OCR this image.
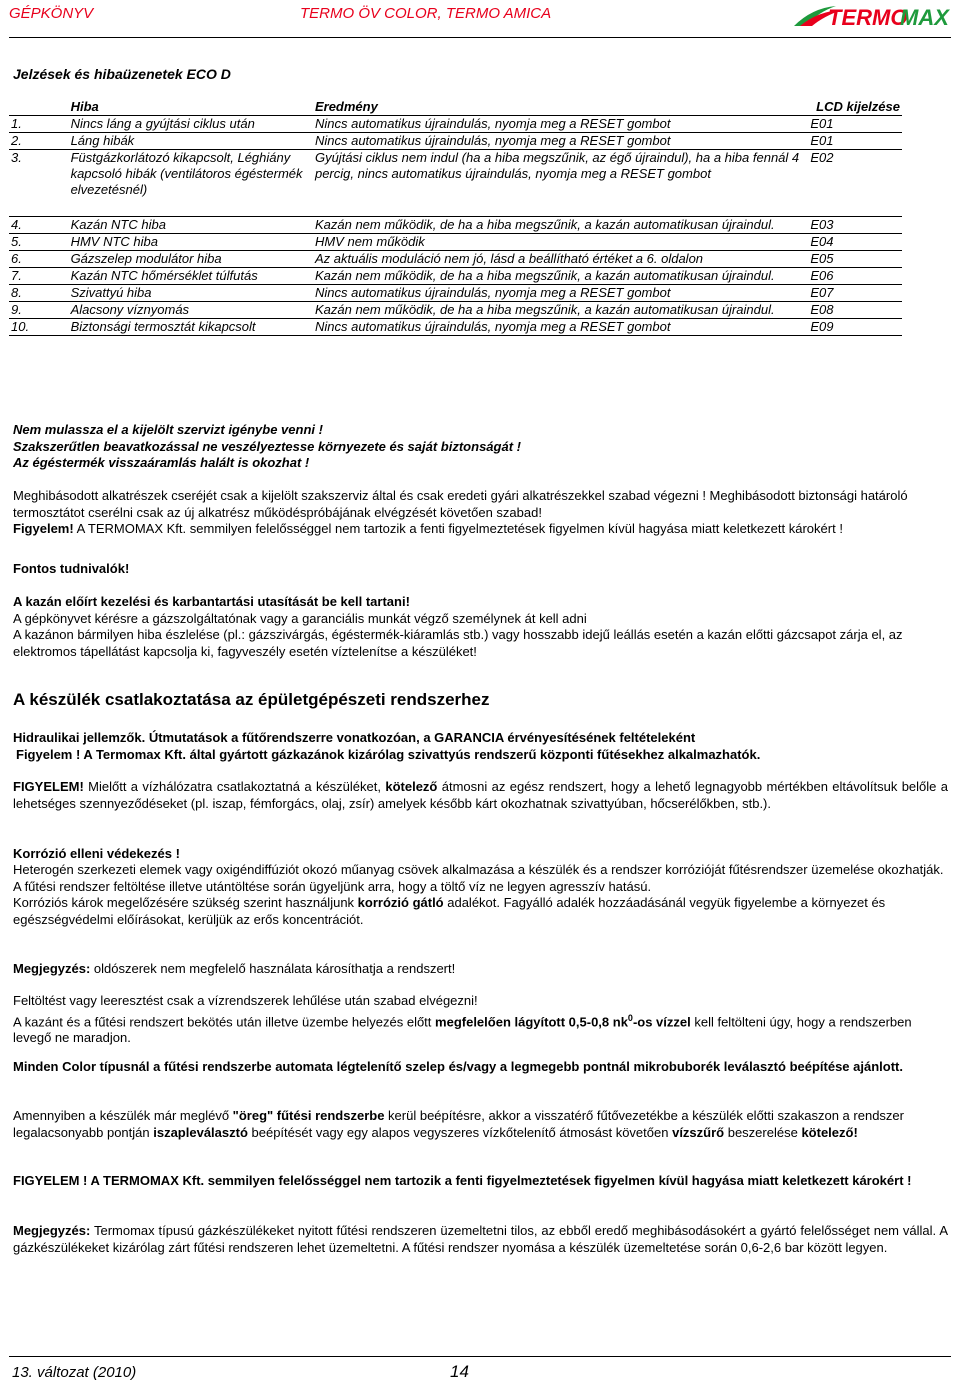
GÉPKÖNYV	TERMO ÖV COLOR, TERMO AMICA	TERMO
MAX
Jelzések és hibaüzenetek ECO D
	Hiba	Eredmény	LCD kijelzése
1.	Nincs láng a gyújtási ciklus után	Nincs automatikus újraindulás, nyomja meg a RESET gombot	E01
2.	Láng hibák	Nincs automatikus újraindulás, nyomja meg a RESET gombot	E01
3.	Füstgázkorlátozó kikapcsolt, Léghiány kapcsoló hibák (ventilátoros égéstermék elvezetésnél)	Gyújtási ciklus nem indul (ha a hiba megszűnik, az égő újraindul), ha a hiba fennál 4 percig, nincs automatikus újraindulás, nyomja meg a RESET gombot	E02
4.	Kazán NTC hiba	Kazán nem működik, de ha a hiba megszűnik, a kazán automatikusan újraindul.	E03
5.	HMV NTC hiba	HMV nem működik	E04
6.	Gázszelep modulátor hiba	Az aktuális moduláció nem jó, lásd a beállítható értéket a 6. oldalon	E05
7.	Kazán NTC hőmérséklet túlfutás	Kazán nem működik, de ha a hiba megszűnik, a kazán automatikusan újraindul.	E06
8.	Szivattyú hiba	Nincs automatikus újraindulás, nyomja meg a RESET gombot	E07
9.	Alacsony víznyomás	Kazán nem működik, de ha a hiba megszűnik, a kazán automatikusan újraindul.	E08
10.	Biztonsági termosztát kikapcsolt	Nincs automatikus újraindulás, nyomja meg a RESET gombot	E09
Nem mulassza el a kijelölt szervizt igénybe venni !
Szakszerűtlen beavatkozással ne veszélyeztesse környezete és saját biztonságát !
Az égéstermék visszaáramlás halált is okozhat !
Meghibásodott alkatrészek cseréjét csak a kijelölt szakszerviz által és csak eredeti gyári alkatrészekkel szabad végezni ! Meghibásodott biztonsági határoló termosztátot cserélni csak az új alkatrész működéspróbájának elvégzését követően szabad!
Figyelem! A TERMOMAX Kft. semmilyen felelősséggel nem tartozik a fenti figyelmeztetések figyelmen kívül hagyása miatt keletkezett károkért !
Fontos tudnivalók!
A kazán előírt kezelési és karbantartási utasítását be kell tartani!
A gépkönyvet kérésre a gázszolgáltatónak vagy a garanciális munkát végző személynek át kell adni
A kazánon bármilyen hiba észlelése (pl.: gázszivárgás, égéstermék-kiáramlás stb.) vagy hosszabb idejű leállás esetén a kazán előtti gázcsapot zárja el, az elektromos tápellátást kapcsolja ki, fagyveszély esetén víztelenítse a készüléket!
A készülék csatlakoztatása az épületgépészeti rendszerhez
Hidraulikai jellemzők. Útmutatások a fűtőrendszerre vonatkozóan, a GARANCIA érvényesítésének feltételeként
Figyelem ! A Termomax Kft. által gyártott gázkazánok kizárólag szivattyús rendszerű központi fűtésekhez alkalmazhatók.
FIGYELEM! Mielőtt a vízhálózatra csatlakoztatná a készüléket, kötelező átmosni az egész rendszert, hogy a lehető legnagyobb mértékben eltávolítsuk belőle a lehetséges szennyeződéseket (pl. iszap, fémforgács, olaj, zsír) amelyek később kárt okozhatnak szivattyúban, hőcserélőkben, stb.).
Korrózió elleni védekezés !
Heterogén szerkezeti elemek vagy oxigéndiffúziót okozó műanyag csövek alkalmazása a készülék és a rendszer korrózióját fűtésrendszer üzemelése okozhatják.
A fűtési rendszer feltöltése illetve utántöltése során ügyeljünk arra, hogy a töltő víz ne legyen agresszív hatású.
Korróziós károk megelőzésére szükség szerint használjunk korrózió gátló adalékot. Fagyálló adalék hozzáadásánál vegyük figyelembe a környezet és egészségvédelmi előírásokat, kerüljük az erős koncentrációt.
Megjegyzés: oldószerek nem megfelelő használata károsíthatja a rendszert!
Feltöltést vagy leeresztést csak a vízrendszerek lehűlése után szabad elvégezni!
A kazánt és a fűtési rendszert bekötés után illetve üzembe helyezés előtt megfelelően lágyított 0,5-0,8 $nk^0-os$ vízzel kell feltölteni úgy, hogy a rendszerben levegő ne maradjon.
Minden Color típusnál a fűtési rendszerbe automata légtelenítő szelep és/vagy a legmegebb pontnál mikrobuborék leválasztó beépítése ajánlott.
Amennyiben a készülék már meglévő "öreg" fűtési rendszerbe kerül beépítésre, akkor a visszatérő fűtővezetékbe a készülék előtti szakaszon a rendszer legalacsonyabb pontján iszapleválasztó beépítését vagy egy alapos vegyszeres vízkőtelenítő átmosást követően vízszűrő beszerelése kötelező!
FIGYELEM ! A TERMOMAX Kft. semmilyen felelősséggel nem tartozik a fenti figyelmeztetések figyelmen kívül hagyása miatt keletkezett károkért !
Megjegyzés: Termomax típusú gázkészülékeket nyitott fűtési rendszeren üzemeltetni tilos, az ebből eredő meghibásodásokért a gyártó felelősséget nem vállal. A gázkészülékeket kizárólag zárt fűtési rendszeren lehet üzemeltetni. A fűtési rendszer nyomása a készülék üzemeltetése során 0,6-2,6 bar között legyen.
13. változat (2010)	14
